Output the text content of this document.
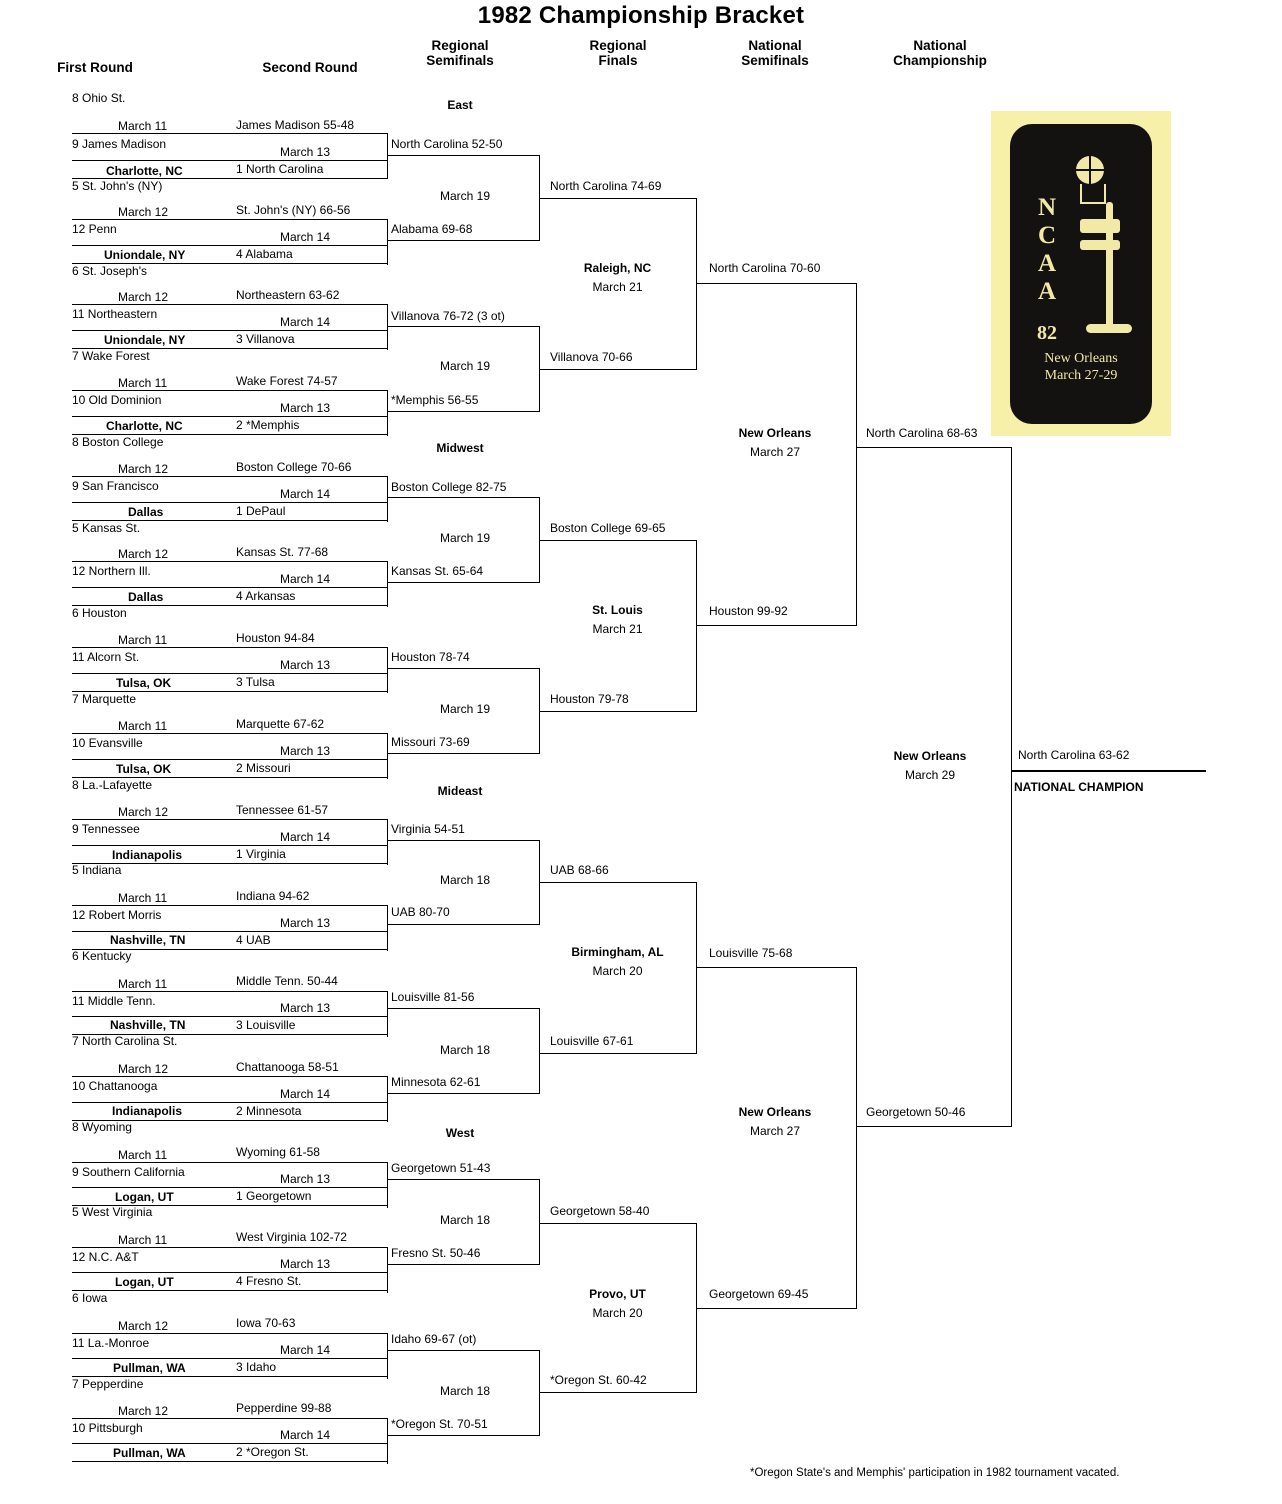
1982 Championship Bracket
First Round	Second Round
Regional
Semifinals
Regional
Finals
National
Semifinals
National
Championship
East
Midwest
Mideast
West
N
C
A
A
82
New Orleans
March 27-29
*Oregon State's and Memphis' participation in 1982 tournament vacated.
8 Ohio St.
March 11
9 James Madison
Charlotte, NC
James Madison 55-48
March 13
1 North Carolina
5 St. John's (NY)
March 12
12 Penn
Uniondale, NY
St. John's (NY) 66-56
March 14
4 Alabama
6 St. Joseph's
March 12
11 Northeastern
Uniondale, NY
Northeastern 63-62
March 14
3 Villanova
7 Wake Forest
March 11
10 Old Dominion
Charlotte, NC
Wake Forest 74-57
March 13
2 *Memphis
8 Boston College
March 12
9 San Francisco
Dallas
Boston College 70-66
March 14
1 DePaul
5 Kansas St.
March 12
12 Northern Ill.
Dallas
Kansas St. 77-68
March 14
4 Arkansas
6 Houston
March 11
11 Alcorn St.
Tulsa, OK
Houston 94-84
March 13
3 Tulsa
7 Marquette
March 11
10 Evansville
Tulsa, OK
Marquette 67-62
March 13
2 Missouri
8 La.-Lafayette
March 12
9 Tennessee
Indianapolis
Tennessee 61-57
March 14
1 Virginia
5 Indiana
March 11
12 Robert Morris
Nashville, TN
Indiana 94-62
March 13
4 UAB
6 Kentucky
March 11
11 Middle Tenn.
Nashville, TN
Middle Tenn. 50-44
March 13
3 Louisville
7 North Carolina St.
March 12
10 Chattanooga
Indianapolis
Chattanooga 58-51
March 14
2 Minnesota
8 Wyoming
March 11
9 Southern California
Logan, UT
Wyoming 61-58
March 13
1 Georgetown
5 West Virginia
March 11
12 N.C. A&T
Logan, UT
West Virginia 102-72
March 13
4 Fresno St.
6 Iowa
March 12
11 La.-Monroe
Pullman, WA
Iowa 70-63
March 14
3 Idaho
7 Pepperdine
March 12
10 Pittsburgh
Pullman, WA
Pepperdine 99-88
March 14
2 *Oregon St.
North Carolina 52-50
March 19
Alabama 69-68
Villanova 76-72 (3 ot)
March 19
*Memphis 56-55
Boston College 82-75
March 19
Kansas St. 65-64
Houston 78-74
March 19
Missouri 73-69
Virginia 54-51
March 18
UAB 80-70
Louisville 81-56
March 18
Minnesota 62-61
Georgetown 51-43
March 18
Fresno St. 50-46
Idaho 69-67 (ot)
March 18
*Oregon St. 70-51
North Carolina 74-69
Raleigh, NC
March 21
Villanova 70-66
Boston College 69-65
St. Louis
March 21
Houston 79-78
UAB 68-66
Birmingham, AL
March 20
Louisville 67-61
Georgetown 58-40
Provo, UT
March 20
*Oregon St. 60-42
North Carolina 70-60
New Orleans
March 27
Houston 99-92
Louisville 75-68
New Orleans
March 27
Georgetown 69-45
North Carolina 68-63
New Orleans
March 29
Georgetown 50-46
North Carolina 63-62
NATIONAL CHAMPION
